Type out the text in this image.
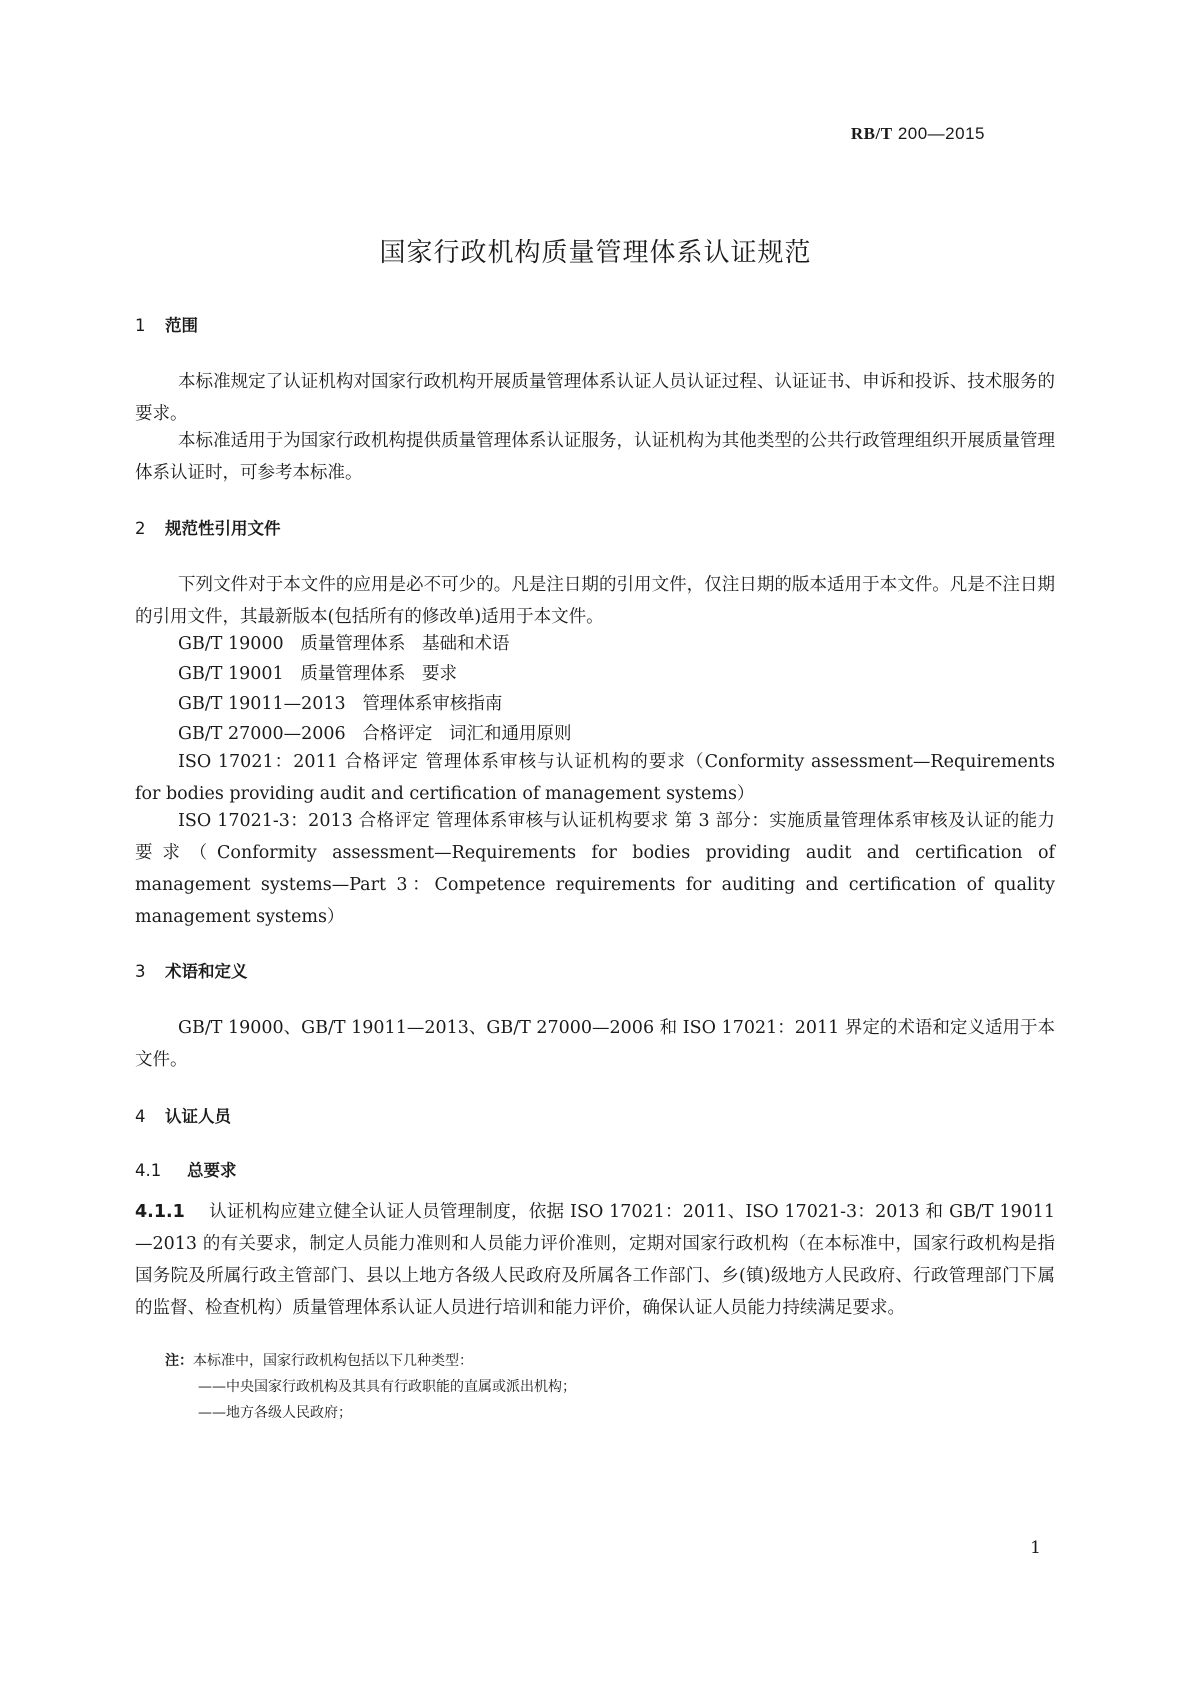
RB/T 200—2015
国家行政机构质量管理体系认证规范
1 范围
本标准规定了认证机构对国家行政机构开展质量管理体系认证人员认证过程、认证证书、申诉和投诉、技术服务的要求。
本标准适用于为国家行政机构提供质量管理体系认证服务，认证机构为其他类型的公共行政管理组织开展质量管理体系认证时，可参考本标准。
2 规范性引用文件
下列文件对于本文件的应用是必不可少的。凡是注日期的引用文件，仅注日期的版本适用于本文件。凡是不注日期的引用文件，其最新版本(包括所有的修改单)适用于本文件。
GB/T 19000   质量管理体系   基础和术语
GB/T 19001   质量管理体系   要求
GB/T 19011—2013   管理体系审核指南
GB/T 27000—2006   合格评定   词汇和通用原则
ISO 17021：2011 合格评定 管理体系审核与认证机构的要求（Conformity assessment—Requirements for bodies providing audit and certification of management systems）
ISO 17021-3：2013 合格评定 管理体系审核与认证机构要求 第 3 部分：实施质量管理体系审核及认证的能力要求（Conformity assessment—Requirements for bodies providing audit and certification of management systems—Part 3：Competence requirements for auditing and certification of quality management systems）
3 术语和定义
GB/T 19000、GB/T 19011—2013、GB/T 27000—2006 和 ISO 17021：2011 界定的术语和定义适用于本文件。
4 认证人员
4.1 总要求
4.1.1 认证机构应建立健全认证人员管理制度，依据 ISO 17021：2011、ISO 17021-3：2013 和 GB/T 19011—2013 的有关要求，制定人员能力准则和人员能力评价准则，定期对国家行政机构（在本标准中，国家行政机构是指国务院及所属行政主管部门、县以上地方各级人民政府及所属各工作部门、乡(镇)级地方人民政府、行政管理部门下属的监督、检查机构）质量管理体系认证人员进行培训和能力评价，确保认证人员能力持续满足要求。
注：本标准中，国家行政机构包括以下几种类型：
——中央国家行政机构及其具有行政职能的直属或派出机构；
——地方各级人民政府；
1
